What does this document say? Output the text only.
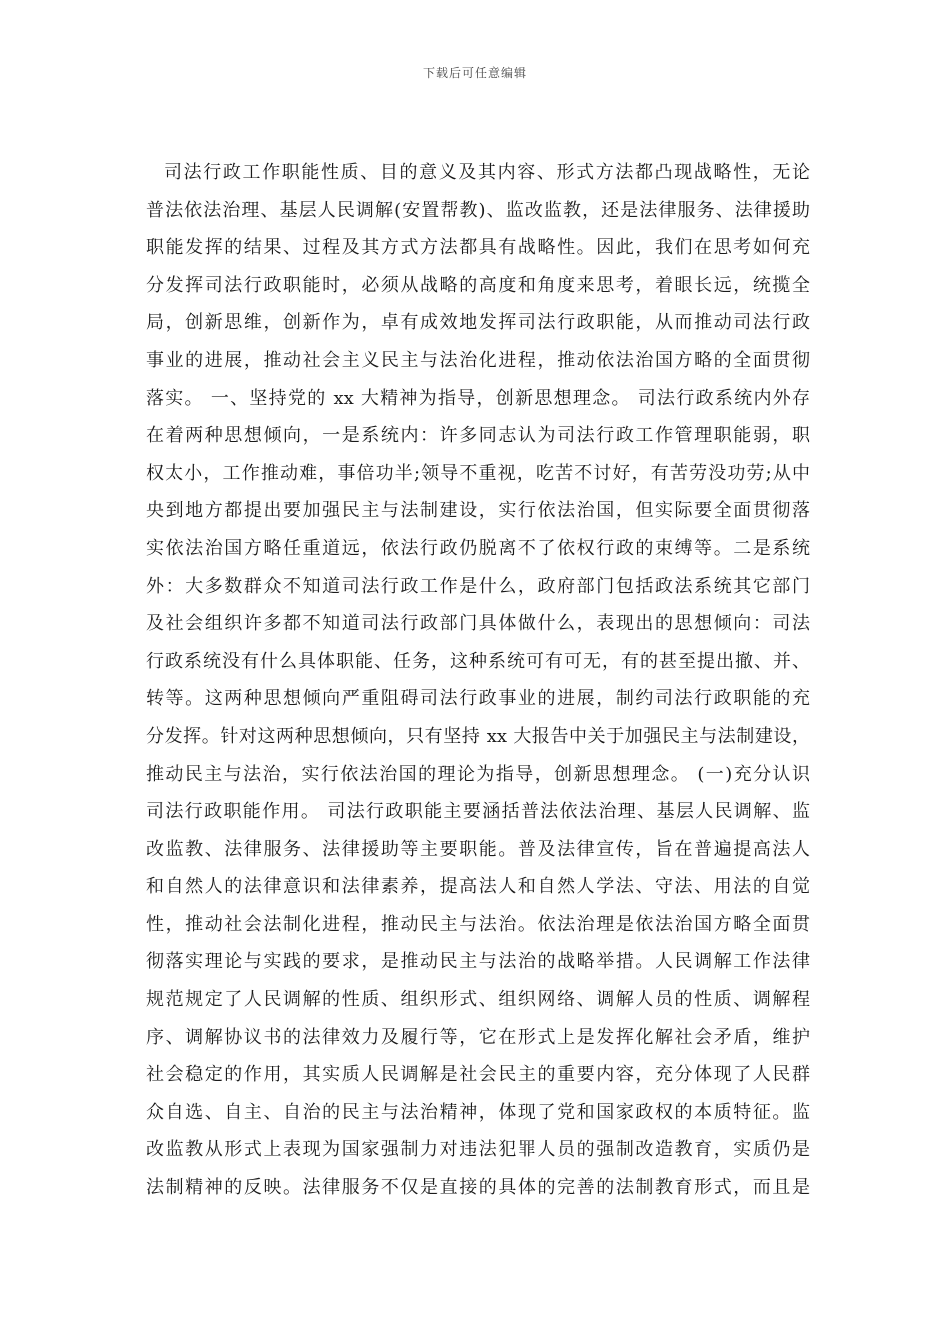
下载后可任意编辑
司法行政工作职能性质、目的意义及其内容、形式方法都凸现战略性，无论
普法依法治理、基层人民调解(安置帮教)、监改监教，还是法律服务、法律援助
职能发挥的结果、过程及其方式方法都具有战略性。因此，我们在思考如何充
分发挥司法行政职能时，必须从战略的高度和角度来思考，着眼长远，统揽全
局，创新思维，创新作为，卓有成效地发挥司法行政职能，从而推动司法行政
事业的进展，推动社会主义民主与法治化进程，推动依法治国方略的全面贯彻
落实。 一、坚持党的 xx 大精神为指导，创新思想理念。 司法行政系统内外存
在着两种思想倾向，一是系统内：许多同志认为司法行政工作管理职能弱，职
权太小，工作推动难，事倍功半;领导不重视，吃苦不讨好，有苦劳没功劳;从中
央到地方都提出要加强民主与法制建设，实行依法治国，但实际要全面贯彻落
实依法治国方略任重道远，依法行政仍脱离不了依权行政的束缚等。二是系统
外：大多数群众不知道司法行政工作是什么，政府部门包括政法系统其它部门
及社会组织许多都不知道司法行政部门具体做什么，表现出的思想倾向：司法
行政系统没有什么具体职能、任务，这种系统可有可无，有的甚至提出撤、并、
转等。这两种思想倾向严重阻碍司法行政事业的进展，制约司法行政职能的充
分发挥。针对这两种思想倾向，只有坚持 xx 大报告中关于加强民主与法制建设，
推动民主与法治，实行依法治国的理论为指导，创新思想理念。 (一)充分认识
司法行政职能作用。 司法行政职能主要涵括普法依法治理、基层人民调解、监
改监教、法律服务、法律援助等主要职能。普及法律宣传，旨在普遍提高法人
和自然人的法律意识和法律素养，提高法人和自然人学法、守法、用法的自觉
性，推动社会法制化进程，推动民主与法治。依法治理是依法治国方略全面贯
彻落实理论与实践的要求，是推动民主与法治的战略举措。人民调解工作法律
规范规定了人民调解的性质、组织形式、组织网络、调解人员的性质、调解程
序、调解协议书的法律效力及履行等，它在形式上是发挥化解社会矛盾，维护
社会稳定的作用，其实质人民调解是社会民主的重要内容，充分体现了人民群
众自选、自主、自治的民主与法治精神，体现了党和国家政权的本质特征。监
改监教从形式上表现为国家强制力对违法犯罪人员的强制改造教育，实质仍是
法制精神的反映。法律服务不仅是直接的具体的完善的法制教育形式，而且是
